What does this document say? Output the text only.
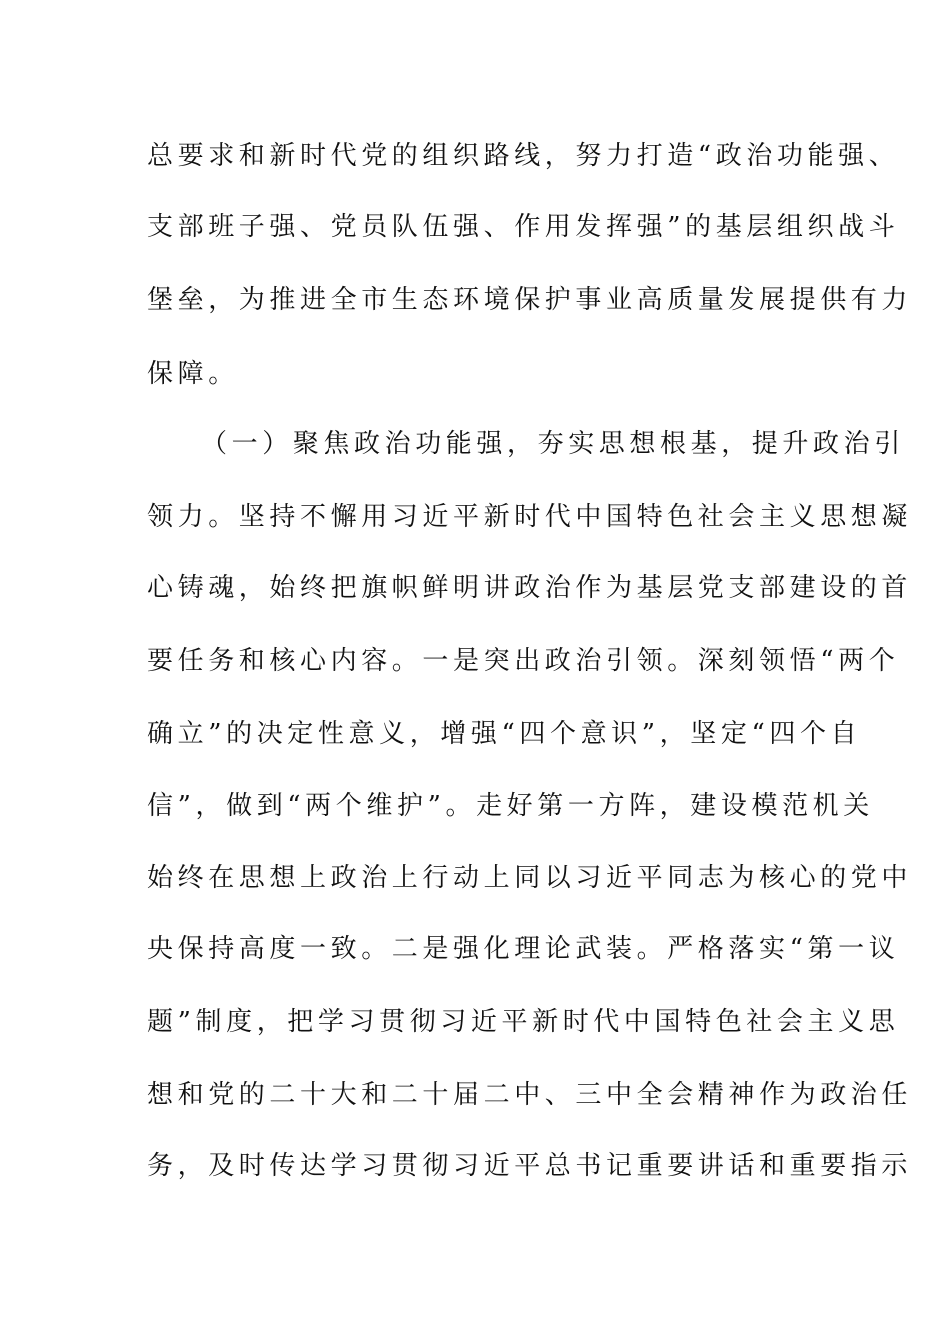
总要求和新时代党的组织路线，努力打造“政治功能强、
支部班子强、党员队伍强、作用发挥强”的基层组织战斗
堡垒，为推进全市生态环境保护事业高质量发展提供有力
保障。
（一）聚焦政治功能强，夯实思想根基，提升政治引
领力。坚持不懈用习近平新时代中国特色社会主义思想凝
心铸魂，始终把旗帜鲜明讲政治作为基层党支部建设的首
要任务和核心内容。一是突出政治引领。深刻领悟“两个
确立”的决定性意义，增强“四个意识”，坚定“四个自
信”，做到“两个维护”。走好第一方阵，建设模范机关
始终在思想上政治上行动上同以习近平同志为核心的党中
央保持高度一致。二是强化理论武装。严格落实“第一议
题”制度，把学习贯彻习近平新时代中国特色社会主义思
想和党的二十大和二十届二中、三中全会精神作为政治任
务，及时传达学习贯彻习近平总书记重要讲话和重要指示
